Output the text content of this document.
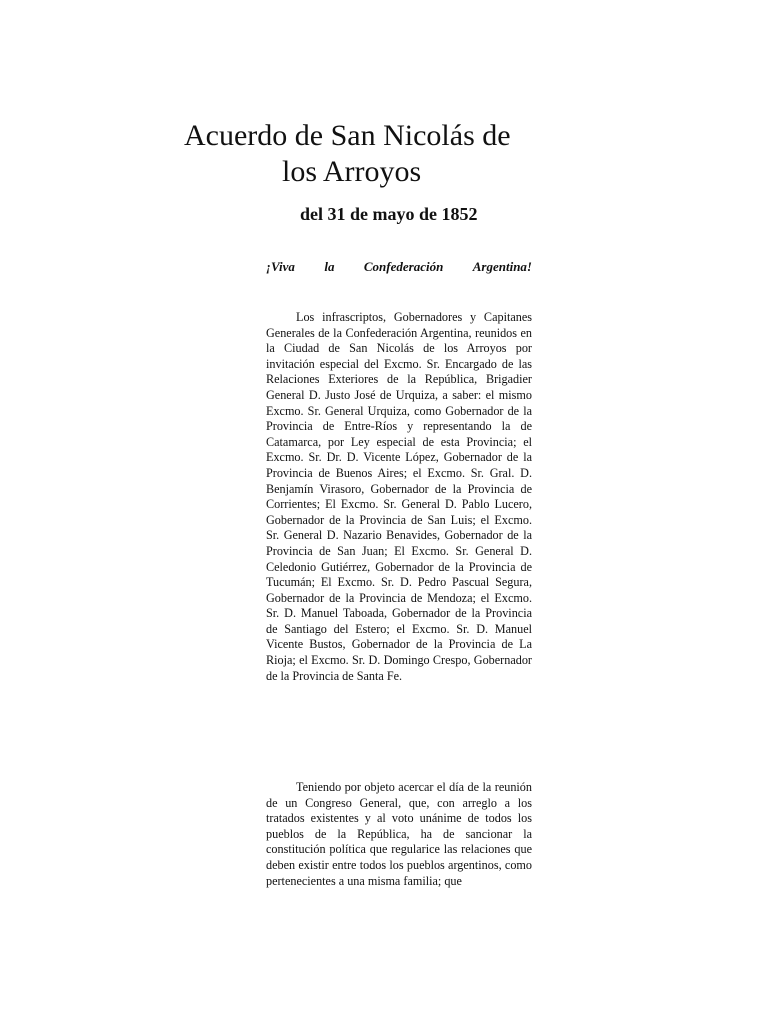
Acuerdo de San Nicolás de
los Arroyos

del 31 de mayo de 1852

¡Viva la Confederación Argentina!

Los infrascriptos, Gobernadores y Capitanes Generales de la Confederación Argentina, reunidos en la Ciudad de San Nicolás de los Arroyos por invitación especial del Excmo. Sr. Encargado de las Relaciones Exteriores de la República, Brigadier General D. Justo José de Urquiza, a saber: el mismo Excmo. Sr. General Urquiza, como Gobernador de la Provincia de Entre-Ríos y representando la de Catamarca, por Ley especial de esta Provincia; el Excmo. Sr. Dr. D. Vicente López, Gobernador de la Provincia de Buenos Aires; el Excmo. Sr. Gral. D. Benjamín Virasoro, Gobernador de la Provincia de Corrientes; El Excmo. Sr. General D. Pablo Lucero, Gobernador de la Provincia de San Luis; el Excmo. Sr. General D. Nazario Benavides, Gobernador de la Provincia de San Juan; El Excmo. Sr. General D. Celedonio Gutiérrez, Gobernador de la Provincia de Tucumán; El Excmo. Sr. D. Pedro Pascual Segura, Gobernador de la Provincia de Mendoza; el Excmo. Sr. D. Manuel Taboada, Gobernador de la Provincia de Santiago del Estero; el Excmo. Sr. D. Manuel Vicente Bustos, Gobernador de la Provincia de La Rioja; el Excmo. Sr. D. Domingo Crespo, Gobernador de la Provincia de Santa Fe.

Teniendo por objeto acercar el día de la reunión de un Congreso General, que, con arreglo a los tratados existentes y al voto unánime de todos los pueblos de la República, ha de sancionar la constitución política que regularice las relaciones que deben existir entre todos los pueblos argentinos, como pertenecientes a una misma familia; que
